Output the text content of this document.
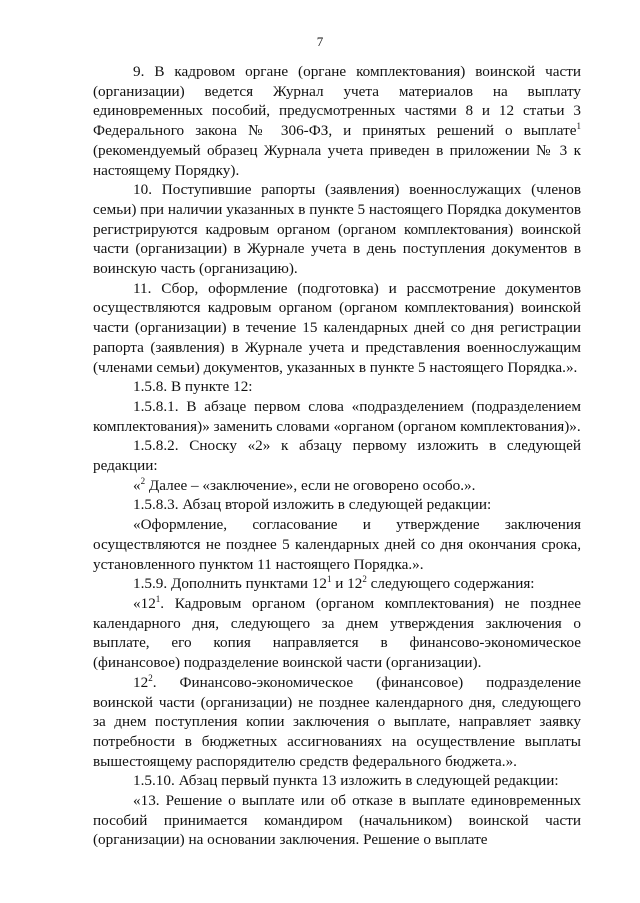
7

9. В кадровом органе (органе комплектования) воинской части (организации) ведется Журнал учета материалов на выплату единовременных пособий, предусмотренных частями 8 и 12 статьи 3 Федерального закона № 306-ФЗ, и принятых решений о выплате$^1$ (рекомендуемый образец Журнала учета приведен в приложении № 3 к настоящему Порядку).

10. Поступившие рапорты (заявления) военнослужащих (членов семьи) при наличии указанных в пункте 5 настоящего Порядка документов регистрируются кадровым органом (органом комплектования) воинской части (организации) в Журнале учета в день поступления документов в воинскую часть (организацию).

11. Сбор, оформление (подготовка) и рассмотрение документов осуществляются кадровым органом (органом комплектования) воинской части (организации) в течение 15 календарных дней со дня регистрации рапорта (заявления) в Журнале учета и представления военнослужащим (членами семьи) документов, указанных в пункте 5 настоящего Порядка.».

1.5.8. В пункте 12:

1.5.8.1. В абзаце первом слова «подразделением (подразделением комплектования)» заменить словами «органом (органом комплектования)».

1.5.8.2. Сноску «2» к абзацу первому изложить в следующей редакции:

«$^2$ Далее – «заключение», если не оговорено особо.».

1.5.8.3. Абзац второй изложить в следующей редакции:

«Оформление, согласование и утверждение заключения осуществляются не позднее 5 календарных дней со дня окончания срока, установленного пунктом 11 настоящего Порядка.».

1.5.9. Дополнить пунктами $12^1$ и $12^2$ следующего содержания:

«$12^1$. Кадровым органом (органом комплектования) не позднее календарного дня, следующего за днем утверждения заключения о выплате, его копия направляется в финансово-экономическое (финансовое) подразделение воинской части (организации).

$12^2$. Финансово-экономическое (финансовое) подразделение воинской части (организации) не позднее календарного дня, следующего за днем поступления копии заключения о выплате, направляет заявку потребности в бюджетных ассигнованиях на осуществление выплаты вышестоящему распорядителю средств федерального бюджета.».

1.5.10. Абзац первый пункта 13 изложить в следующей редакции:

«13. Решение о выплате или об отказе в выплате единовременных пособий принимается командиром (начальником) воинской части (организации) на основании заключения. Решение о выплате
